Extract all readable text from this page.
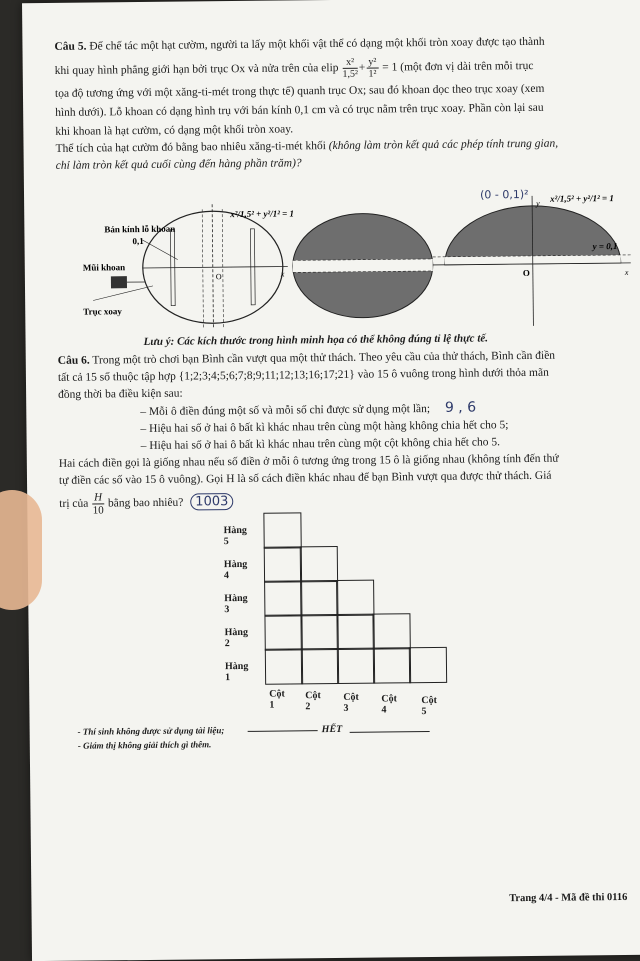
Câu 5. Để chế tác một hạt cườm, người ta lấy một khối vật thể có dạng một khối tròn xoay được tạo thành
khi quay hình phẳng giới hạn bởi trục Ox và nửa trên của elip $\frac{\text{x²}}{\text{1,5²}} + \frac{\text{y²}}{\text{1²}} = 1$ (một đơn vị dài trên mỗi trục
tọa độ tương ứng với một xăng-ti-mét trong thực tế) quanh trục Ox; sau đó khoan dọc theo trục xoay (xem
hình dưới). Lỗ khoan có dạng hình trụ với bán kính 0,1 cm và có trục nằm trên trục xoay. Phần còn lại sau
khi khoan là hạt cườm, có dạng một khối tròn xoay.
Thể tích của hạt cườm đó bằng bao nhiêu xăng-ti-mét khối (không làm tròn kết quả các phép tính trung gian,
chỉ làm tròn kết quả cuối cùng đến hàng phần trăm)?
Bán kính lỗ khoan
0,1
Mũi khoan
Trục xoay
x²/1,5² + y²/1² = 1
O	x
(0 - 0,1)² x²/1,5² + y²/1² = 1
y = 0,1
O	x
y
Lưu ý: Các kích thước trong hình minh họa có thể không đúng tỉ lệ thực tế.
Câu 6. Trong một trò chơi bạn Bình cần vượt qua một thử thách. Theo yêu cầu của thử thách, Bình cần điền
tất cả 15 số thuộc tập hợp {1;2;3;4;5;6;7;8;9;11;12;13;16;17;21} vào 15 ô vuông trong hình dưới thỏa mãn
đồng thời ba điều kiện sau:
– Mỗi ô điền đúng một số và mỗi số chỉ được sử dụng một lần; 9 , 6
– Hiệu hai số ở hai ô bất kì khác nhau trên cùng một hàng không chia hết cho 5;
– Hiệu hai số ở hai ô bất kì khác nhau trên cùng một cột không chia hết cho 5.
Hai cách điền gọi là giống nhau nếu số điền ở mỗi ô tương ứng trong 15 ô là giống nhau (không tính đến thứ
tự điền các số vào 15 ô vuông). Gọi H là số cách điền khác nhau để bạn Bình vượt qua được thử thách. Giá
trị của $\frac{H}{10}$ bằng bao nhiêu? 1003
Hàng 5
Hàng 4
Hàng 3
Hàng 2
Hàng 1
Cột 1
Cột 2
Cột 3
Cột 4
Cột 5
- Thí sinh không được sử dụng tài liệu;	HẾT
- Giám thị không giải thích gì thêm.
Trang 4/4 - Mã đề thi 0116
